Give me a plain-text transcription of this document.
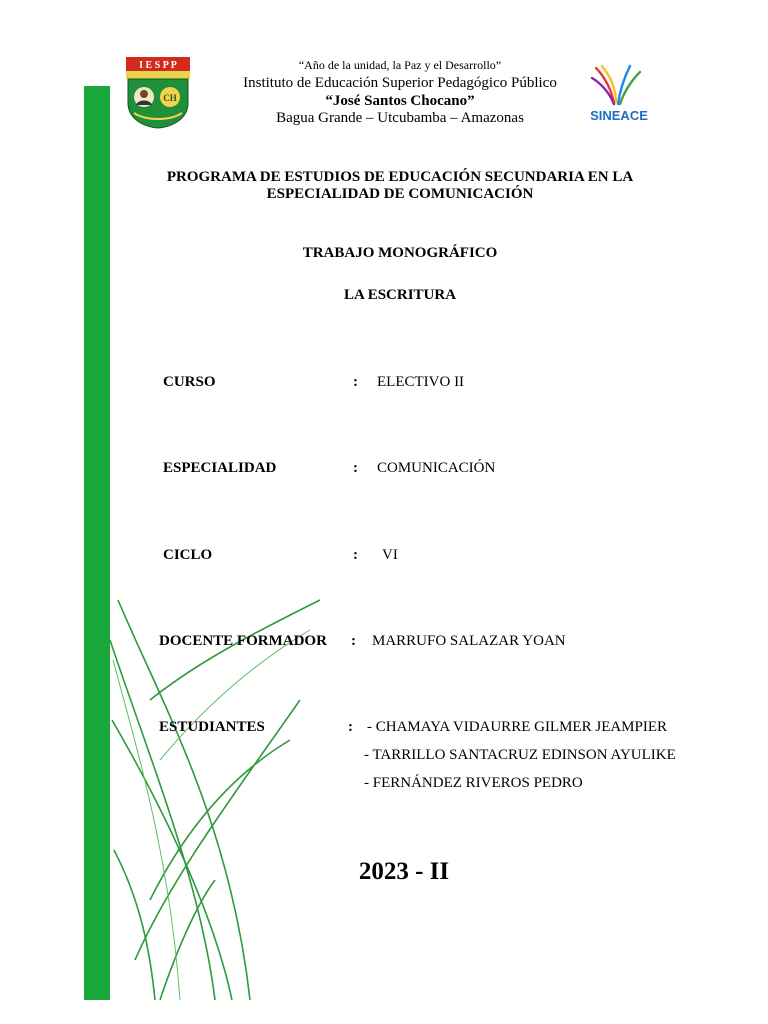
I E S P P
CH
“Año de la unidad, la Paz y el Desarrollo”
Instituto de Educación Superior Pedagógico Público
“José Santos Chocano”
Bagua Grande – Utcubamba – Amazonas	SINEACE
PROGRAMA DE ESTUDIOS DE EDUCACIÓN SECUNDARIA EN LA
ESPECIALIDAD DE COMUNICACIÓN
TRABAJO MONOGRÁFICO
LA ESCRITURA
CURSO	: ELECTIVO II
ESPECIALIDAD	: COMUNICACIÓN
CICLO	: VI
DOCENTE FORMADOR : MARRUFO SALAZAR YOAN
ESTUDIANTES	: - CHAMAYA VIDAURRE GILMER JEAMPIER
- TARRILLO SANTACRUZ EDINSON AYULIKE
- FERNÁNDEZ RIVEROS PEDRO
2023 - II
